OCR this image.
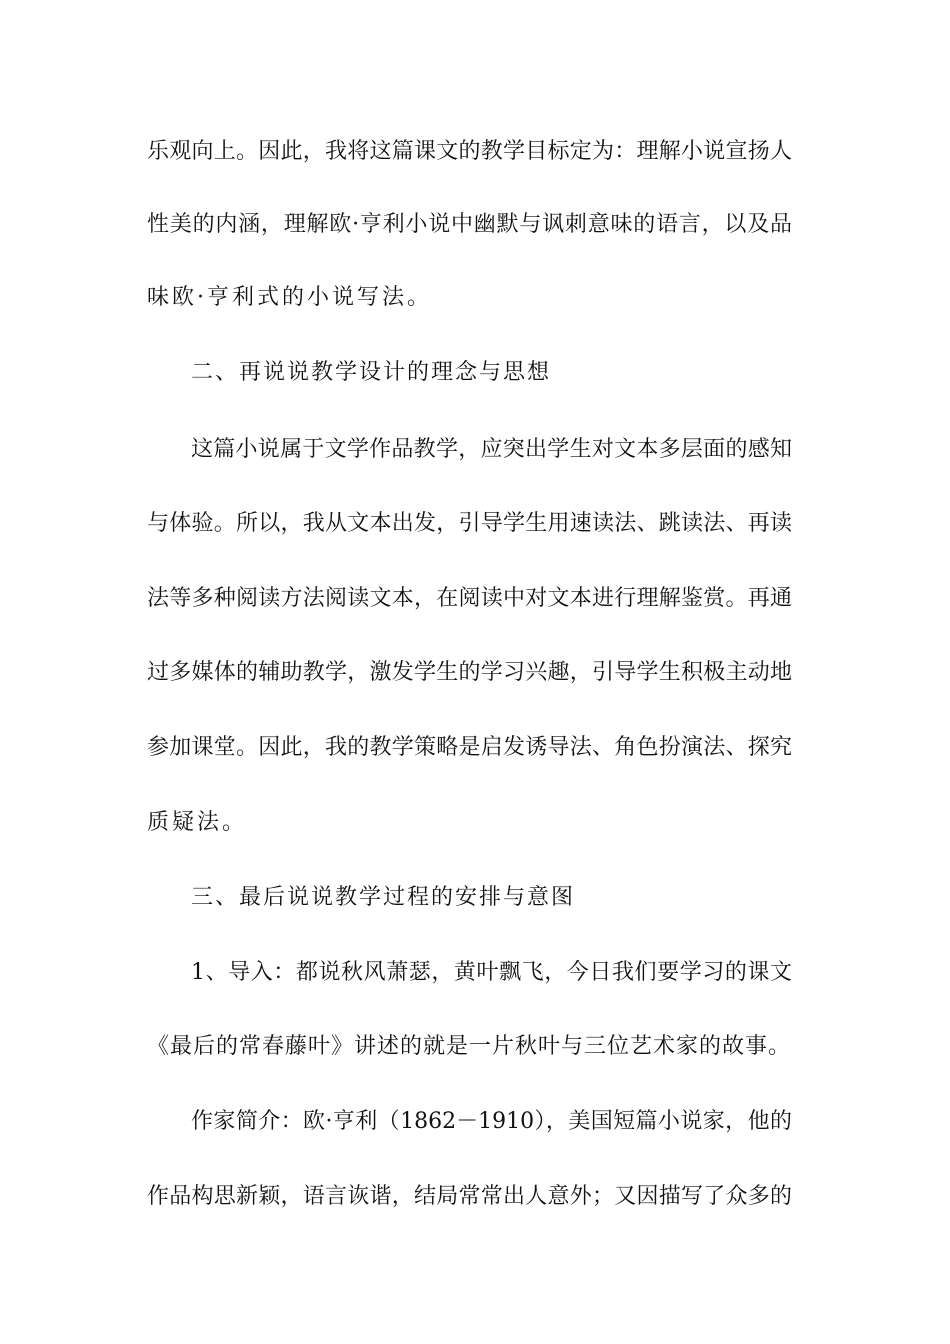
乐观向上。因此，我将这篇课文的教学目标定为：理解小说宣扬人
性美的内涵，理解欧·亨利小说中幽默与讽刺意味的语言，以及品
味欧·亨利式的小说写法。
二、再说说教学设计的理念与思想
这篇小说属于文学作品教学，应突出学生对文本多层面的感知
与体验。所以，我从文本出发，引导学生用速读法、跳读法、再读
法等多种阅读方法阅读文本，在阅读中对文本进行理解鉴赏。再通
过多媒体的辅助教学，激发学生的学习兴趣，引导学生积极主动地
参加课堂。因此，我的教学策略是启发诱导法、角色扮演法、探究
质疑法。
三、最后说说教学过程的安排与意图
1、导入：都说秋风萧瑟，黄叶飘飞，今日我们要学习的课文
《最后的常春藤叶》讲述的就是一片秋叶与三位艺术家的故事。
作家简介：欧·亨利（1862－1910），美国短篇小说家，他的
作品构思新颖，语言诙谐，结局常常出人意外；又因描写了众多的
